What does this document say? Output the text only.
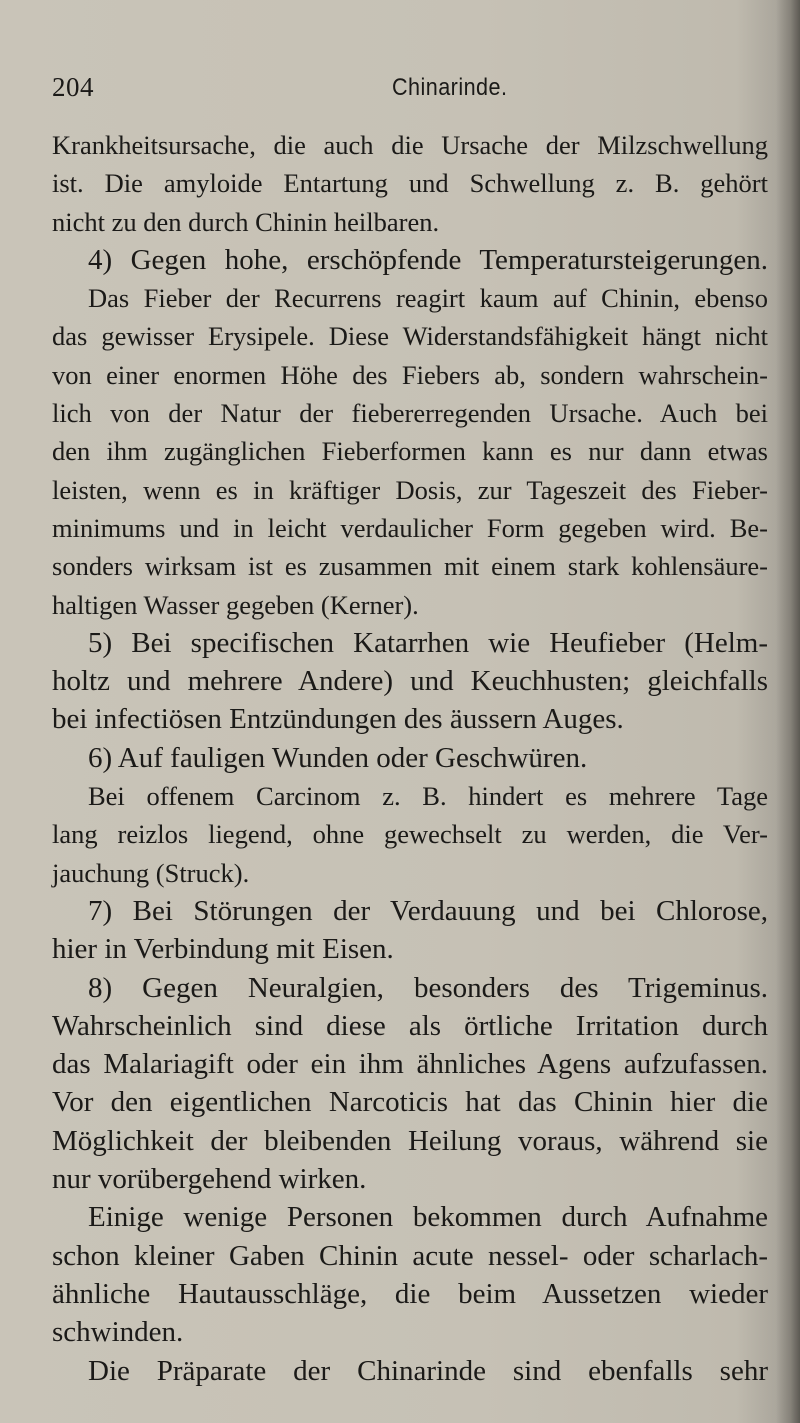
204	Chinarinde.
Krankheitsursache, die auch die Ursache der Milzschwellung
ist. Die amyloide Entartung und Schwellung z. B. gehört
nicht zu den durch Chinin heilbaren.
4) Gegen hohe, erschöpfende Temperatursteigerungen.
Das Fieber der Recurrens reagirt kaum auf Chinin, ebenso
das gewisser Erysipele. Diese Widerstandsfähigkeit hängt nicht
von einer enormen Höhe des Fiebers ab, sondern wahrschein-
lich von der Natur der fiebererregenden Ursache. Auch bei
den ihm zugänglichen Fieberformen kann es nur dann etwas
leisten, wenn es in kräftiger Dosis, zur Tageszeit des Fieber-
minimums und in leicht verdaulicher Form gegeben wird. Be-
sonders wirksam ist es zusammen mit einem stark kohlensäure-
haltigen Wasser gegeben (Kerner).
5) Bei specifischen Katarrhen wie Heufieber (Helm-
holtz und mehrere Andere) und Keuchhusten; gleichfalls
bei infectiösen Entzündungen des äussern Auges.
6) Auf fauligen Wunden oder Geschwüren.
Bei offenem Carcinom z. B. hindert es mehrere Tage
lang reizlos liegend, ohne gewechselt zu werden, die Ver-
jauchung (Struck).
7) Bei Störungen der Verdauung und bei Chlorose,
hier in Verbindung mit Eisen.
8) Gegen Neuralgien, besonders des Trigeminus.
Wahrscheinlich sind diese als örtliche Irritation durch
das Malariagift oder ein ihm ähnliches Agens aufzufassen.
Vor den eigentlichen Narcoticis hat das Chinin hier die
Möglichkeit der bleibenden Heilung voraus, während sie
nur vorübergehend wirken.
Einige wenige Personen bekommen durch Aufnahme
schon kleiner Gaben Chinin acute nessel- oder scharlach-
ähnliche Hautausschläge, die beim Aussetzen wieder
schwinden.
Die Präparate der Chinarinde sind ebenfalls sehr
